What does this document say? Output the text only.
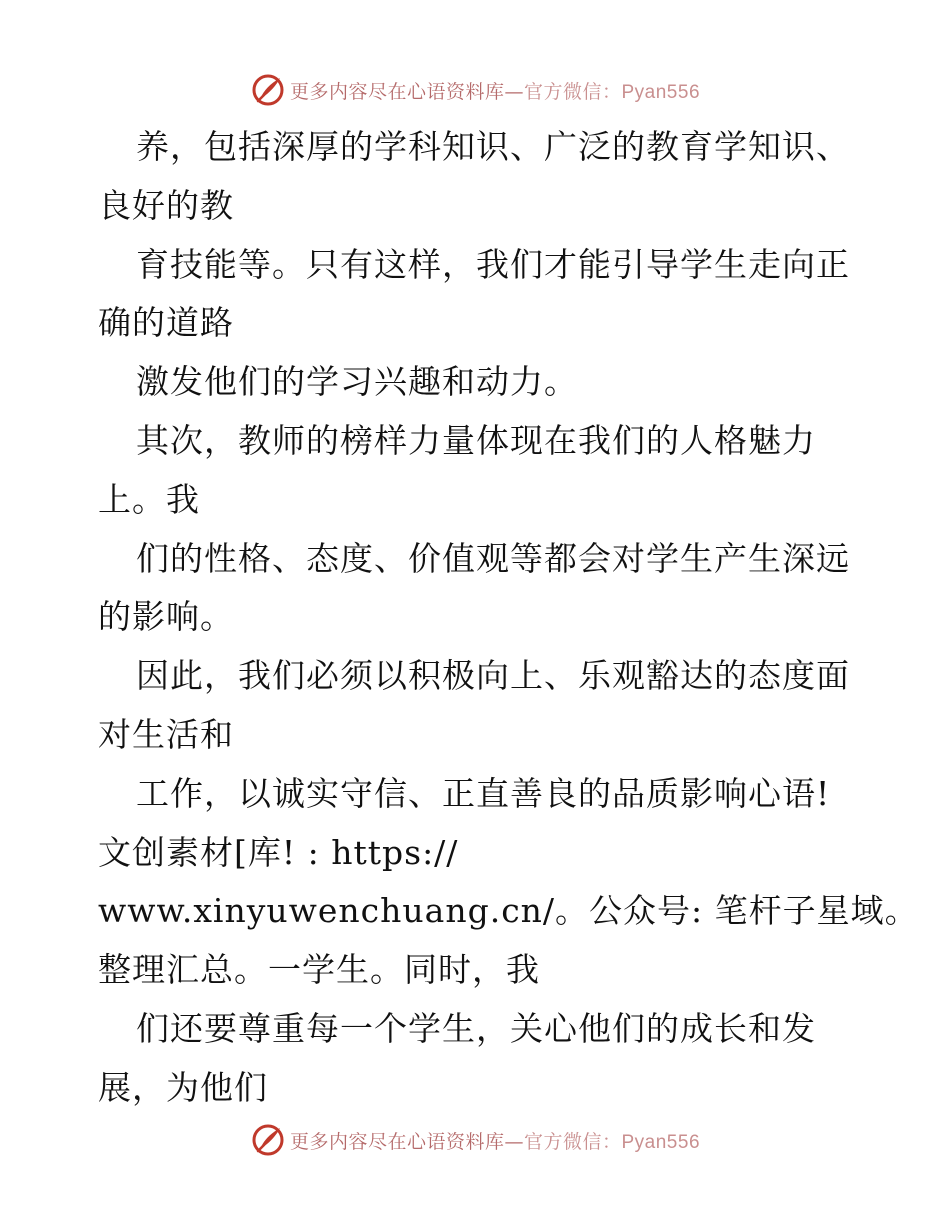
更多内容尽在心语资料库—官方微信：Pyan556
养，包括深厚的学科知识、广泛的教育学知识、
良好的教
育技能等。只有这样，我们才能引导学生走向正
确的道路
激发他们的学习兴趣和动力。
其次，教师的榜样力量体现在我们的人格魅力
上。我
们的性格、态度、价值观等都会对学生产生深远
的影响。
因此，我们必须以积极向上、乐观豁达的态度面
对生活和
工作，以诚实守信、正直善良的品质影响心语!
文创素材[库! : https://
www.xinyuwenchuang.cn/。公众号: 笔杆子星域。
整理汇总。一学生。同时，我
们还要尊重每一个学生，关心他们的成长和发
展，为他们
更多内容尽在心语资料库—官方微信：Pyan556
